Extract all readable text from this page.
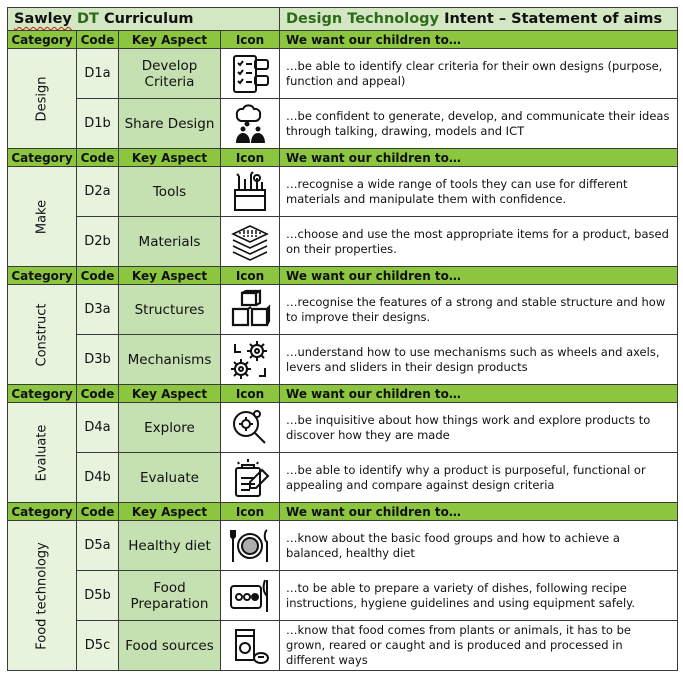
Sawley DT Curriculum				Design Technology Intent – Statement of aims
Category	Code	Key Aspect	Icon	We want our children to…

Design	D1a	Develop Criteria		…be able to identify clear criteria for their own designs (purpose, function and appeal)
	D1b	Share Design		…be confident to generate, develop, and communicate their ideas through talking, drawing, models and ICT
Category	Code	Key Aspect	Icon	We want our children to…

Make	D2a	Tools		…recognise a wide range of tools they can use for different materials and manipulate them with confidence.
	D2b	Materials		…choose and use the most appropriate items for a product, based on their properties.
Category	Code	Key Aspect	Icon	We want our children to…

Construct	D3a	Structures		…recognise the features of a strong and stable structure and how to improve their designs.
	D3b	Mechanisms		…understand how to use mechanisms such as wheels and axels, levers and sliders in their design products
Category	Code	Key Aspect	Icon	We want our children to…

Evaluate	D4a	Explore		…be inquisitive about how things work and explore products to discover how they are made
	D4b	Evaluate		…be able to identify why a product is purposeful, functional or appealing and compare against design criteria
Category	Code	Key Aspect	Icon	We want our children to…

Food technology	D5a	Healthy diet		…know about the basic food groups and how to achieve a balanced, healthy diet
	D5b	Food Preparation		…to be able to prepare a variety of dishes, following recipe instructions, hygiene guidelines and using equipment safely.
	D5c	Food sources		…know that food comes from plants or animals, it has to be grown, reared or caught and is produced and processed in different ways
